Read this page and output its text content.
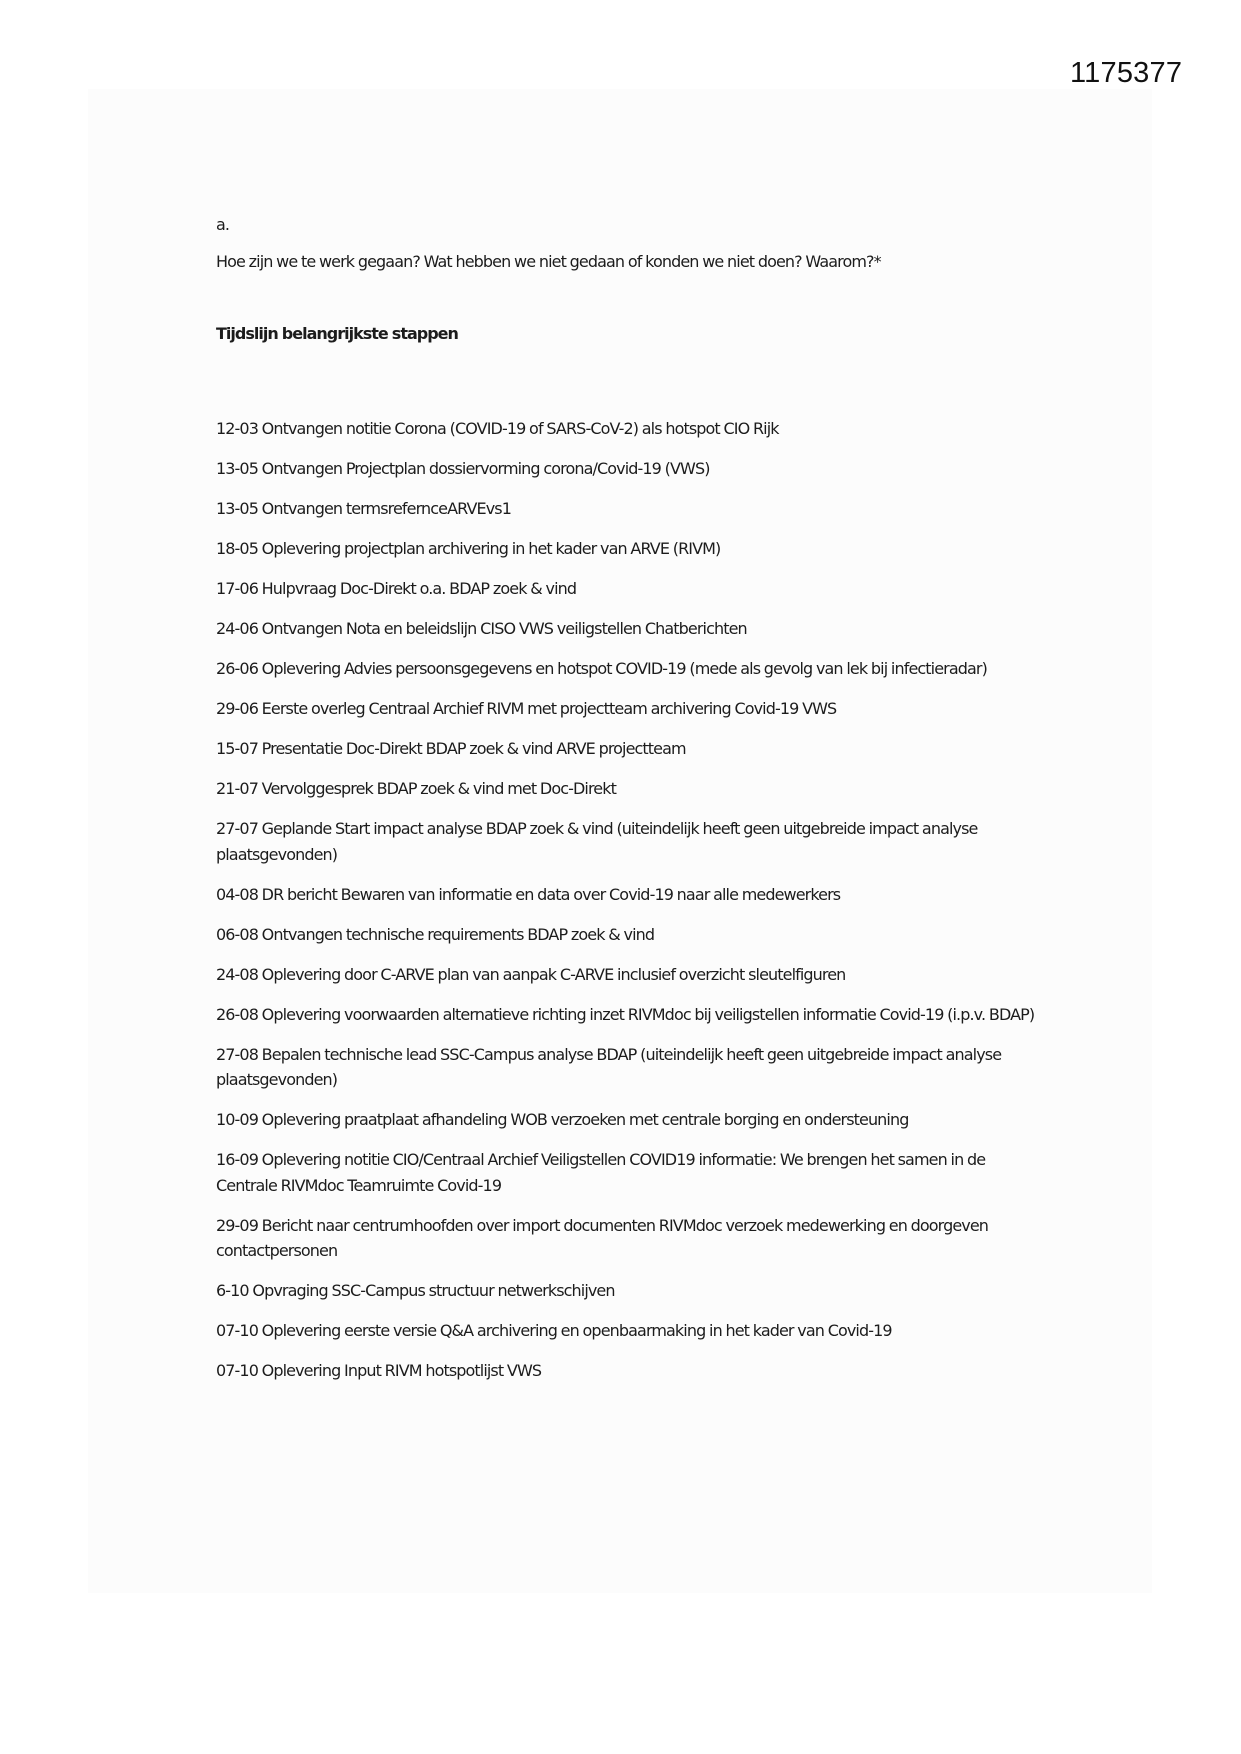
1175377
a.
Hoe zijn we te werk gegaan? Wat hebben we niet gedaan of konden we niet doen? Waarom?*
Tijdslijn belangrijkste stappen
12-03 Ontvangen notitie Corona (COVID-19 of SARS-CoV-2) als hotspot CIO Rijk
13-05 Ontvangen Projectplan dossiervorming corona/Covid-19 (VWS)
13-05 Ontvangen termsrefernceARVEvs1
18-05 Oplevering projectplan archivering in het kader van ARVE (RIVM)
17-06 Hulpvraag Doc-Direkt o.a. BDAP zoek & vind
24-06 Ontvangen Nota en beleidslijn CISO VWS veiligstellen Chatberichten
26-06 Oplevering Advies persoonsgegevens en hotspot COVID-19 (mede als gevolg van lek bij infectieradar)
29-06 Eerste overleg Centraal Archief RIVM met projectteam archivering Covid-19 VWS
15-07 Presentatie Doc-Direkt BDAP zoek & vind ARVE projectteam
21-07 Vervolggesprek BDAP zoek & vind met Doc-Direkt
27-07 Geplande Start impact analyse BDAP zoek & vind (uiteindelijk heeft geen uitgebreide impact analyse plaatsgevonden)
04-08 DR bericht Bewaren van informatie en data over Covid-19 naar alle medewerkers
06-08 Ontvangen technische requirements BDAP zoek & vind
24-08 Oplevering door C-ARVE plan van aanpak C-ARVE inclusief overzicht sleutelfiguren
26-08 Oplevering voorwaarden alternatieve richting inzet RIVMdoc bij veiligstellen informatie Covid-19 (i.p.v. BDAP)
27-08 Bepalen technische lead SSC-Campus analyse BDAP (uiteindelijk heeft geen uitgebreide impact analyse plaatsgevonden)
10-09 Oplevering praatplaat afhandeling WOB verzoeken met centrale borging en ondersteuning
16-09 Oplevering notitie CIO/Centraal Archief Veiligstellen COVID19 informatie: We brengen het samen in de Centrale RIVMdoc Teamruimte Covid-19
29-09 Bericht naar centrumhoofden over import documenten RIVMdoc verzoek medewerking en doorgeven contactpersonen
6-10 Opvraging SSC-Campus structuur netwerkschijven
07-10 Oplevering eerste versie Q&A archivering en openbaarmaking in het kader van Covid-19
07-10 Oplevering Input RIVM hotspotlijst VWS
